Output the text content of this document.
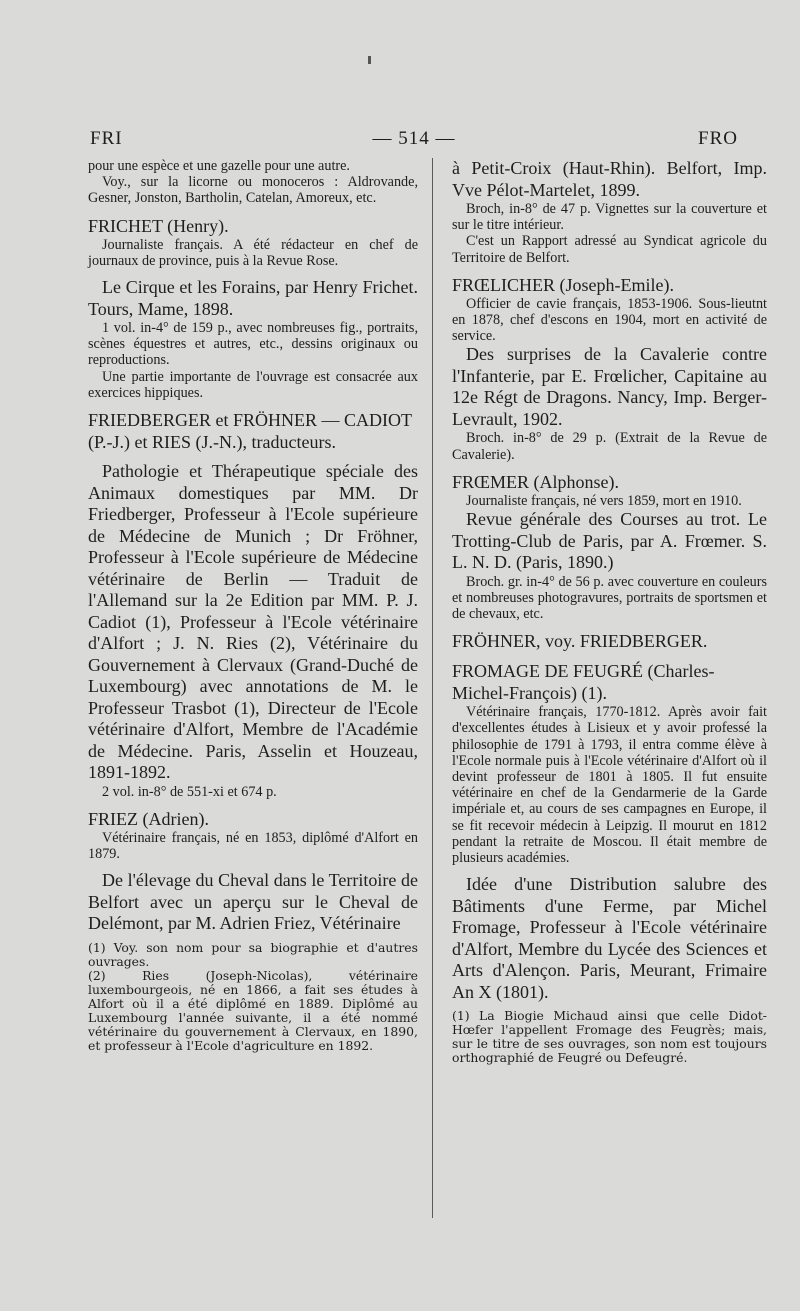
FRI	— 514 —	FRO

pour une espèce et une gazelle pour une autre.

Voy., sur la licorne ou monoceros : Aldrovande, Gesner, Jonston, Bartholin, Catelan, Amoreux, etc.

FRICHET (Henry).

Journaliste français. A été rédacteur en chef de journaux de province, puis à la Revue Rose.

Le Cirque et les Forains, par Henry Frichet. Tours, Mame, 1898.

1 vol. in-4° de 159 p., avec nombreuses fig., portraits, scènes équestres et autres, etc., dessins originaux ou reproductions.

Une partie importante de l'ouvrage est consacrée aux exercices hippiques.

FRIEDBERGER et FRÖHNER — CADIOT (P.-J.) et RIES (J.-N.), traducteurs.

Pathologie et Thérapeutique spéciale des Animaux domestiques par MM. Dr Friedberger, Professeur à l'Ecole supérieure de Médecine de Munich ; Dr Fröhner, Professeur à l'Ecole supérieure de Médecine vétérinaire de Berlin — Traduit de l'Allemand sur la 2e Edition par MM. P. J. Cadiot (1), Professeur à l'Ecole vétérinaire d'Alfort ; J. N. Ries (2), Vétérinaire du Gouvernement à Clervaux (Grand-Duché de Luxembourg) avec annotations de M. le Professeur Trasbot (1), Directeur de l'Ecole vétérinaire d'Alfort, Membre de l'Académie de Médecine. Paris, Asselin et Houzeau, 1891-1892.

2 vol. in-8° de 551-xi et 674 p.

FRIEZ (Adrien).

Vétérinaire français, né en 1853, diplômé d'Alfort en 1879.

De l'élevage du Cheval dans le Territoire de Belfort avec un aperçu sur le Cheval de Delémont, par M. Adrien Friez, Vétérinaire

(1) Voy. son nom pour sa biographie et d'autres ouvrages.

(2) Ries (Joseph-Nicolas), vétérinaire luxembourgeois, né en 1866, a fait ses études à Alfort où il a été diplômé en 1889. Diplômé au Luxembourg l'année suivante, il a été nommé vétérinaire du gouvernement à Clervaux, en 1890, et professeur à l'Ecole d'agriculture en 1892.

à Petit-Croix (Haut-Rhin). Belfort, Imp. Vve Pélot-Martelet, 1899.

Broch, in-8° de 47 p. Vignettes sur la couverture et sur le titre intérieur.

C'est un Rapport adressé au Syndicat agricole du Territoire de Belfort.

FRŒLICHER (Joseph-Emile).

Officier de cavie français, 1853-1906. Sous-lieutnt en 1878, chef d'escons en 1904, mort en activité de service.

Des surprises de la Cavalerie contre l'Infanterie, par E. Frœlicher, Capitaine au 12e Régt de Dragons. Nancy, Imp. Berger-Levrault, 1902.

Broch. in-8° de 29 p. (Extrait de la Revue de Cavalerie).

FRŒMER (Alphonse).

Journaliste français, né vers 1859, mort en 1910.

Revue générale des Courses au trot. Le Trotting-Club de Paris, par A. Frœmer. S. L. N. D. (Paris, 1890.)

Broch. gr. in-4° de 56 p. avec couverture en couleurs et nombreuses photogravures, portraits de sportsmen et de chevaux, etc.

FRÖHNER, voy. FRIEDBERGER.

FROMAGE DE FEUGRÉ (Charles-Michel-François) (1).

Vétérinaire français, 1770-1812. Après avoir fait d'excellentes études à Lisieux et y avoir professé la philosophie de 1791 à 1793, il entra comme élève à l'Ecole normale puis à l'Ecole vétérinaire d'Alfort où il devint professeur de 1801 à 1805. Il fut ensuite vétérinaire en chef de la Gendarmerie de la Garde impériale et, au cours de ses campagnes en Europe, il se fit recevoir médecin à Leipzig. Il mourut en 1812 pendant la retraite de Moscou. Il était membre de plusieurs académies.

Idée d'une Distribution salubre des Bâtiments d'une Ferme, par Michel Fromage, Professeur à l'Ecole vétérinaire d'Alfort, Membre du Lycée des Sciences et Arts d'Alençon. Paris, Meurant, Frimaire An X (1801).

(1) La Biogie Michaud ainsi que celle Didot-Hœfer l'appellent Fromage des Feugrès; mais, sur le titre de ses ouvrages, son nom est toujours orthographié de Feugré ou Defeugré.
